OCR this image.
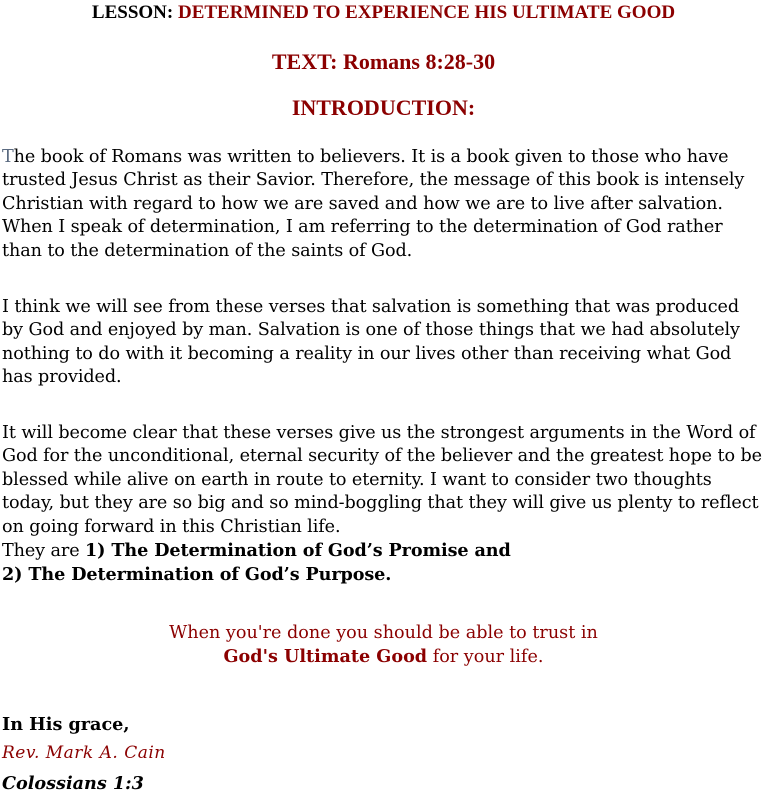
LESSON: DETERMINED TO EXPERIENCE HIS ULTIMATE GOOD
TEXT: Romans 8:28-30
INTRODUCTION:

The book of Romans was written to believers. It is a book given to those who have trusted Jesus Christ as their Savior. Therefore, the message of this book is intensely Christian with regard to how we are saved and how we are to live after salvation. When I speak of determination, I am referring to the determination of God rather than to the determination of the saints of God.

I think we will see from these verses that salvation is something that was produced by God and enjoyed by man. Salvation is one of those things that we had absolutely nothing to do with it becoming a reality in our lives other than receiving what God has provided.

It will become clear that these verses give us the strongest arguments in the Word of God for the unconditional, eternal security of the believer and the greatest hope to be blessed while alive on earth in route to eternity. I want to consider two thoughts today, but they are so big and so mind-boggling that they will give us plenty to reflect on going forward in this Christian life.
They are 1) The Determination of God’s Promise and
2) The Determination of God’s Purpose.

When you're done you should be able to trust in
God's Ultimate Good for your life.
In His grace,
Rev. Mark A. Cain
Colossians 1:3
